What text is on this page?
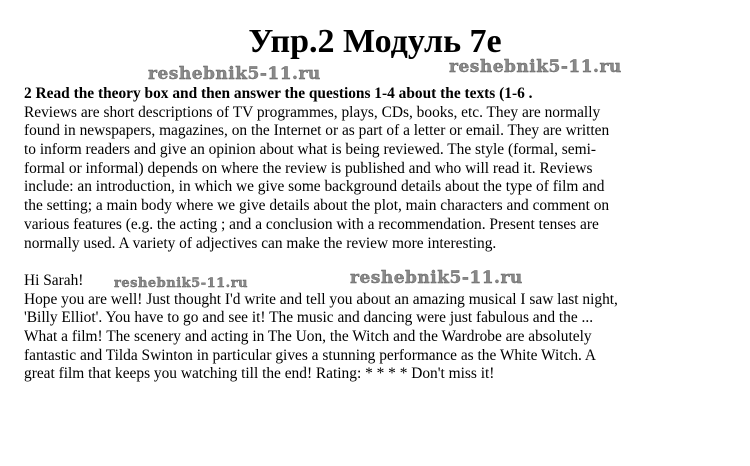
Упр.2 Модуль 7e
reshebnik5-11.ru	reshebnik5-11.ru
2 Read the theory box and then answer the questions 1-4 about the texts (1-6 .
Reviews are short descriptions of TV programmes, plays, CDs, books, etc. They are normally
found in newspapers, magazines, on the Internet or as part of a letter or email. They are written
to inform readers and give an opinion about what is being reviewed. The style (formal, semi-
formal or informal) depends on where the review is published and who will read it. Reviews
include: an introduction, in which we give some background details about the type of film and
the setting; a main body where we give details about the plot, main characters and comment on
various features (e.g. the acting ; and a conclusion with a recommendation. Present tenses are
normally used. A variety of adjectives can make the review more interesting.
Hi Sarah!
Hope you are well! Just thought I'd write and tell you about an amazing musical I saw last night,
'Billy Elliot'. You have to go and see it! The music and dancing were just fabulous and the ...
What a film! The scenery and acting in The Uon, the Witch and the Wardrobe are absolutely
fantastic and Tilda Swinton in particular gives a stunning performance as the White Witch. A
great film that keeps you watching till the end! Rating: * * * * Don't miss it!
reshebnik5-11.ru	reshebnik5-11.ru
